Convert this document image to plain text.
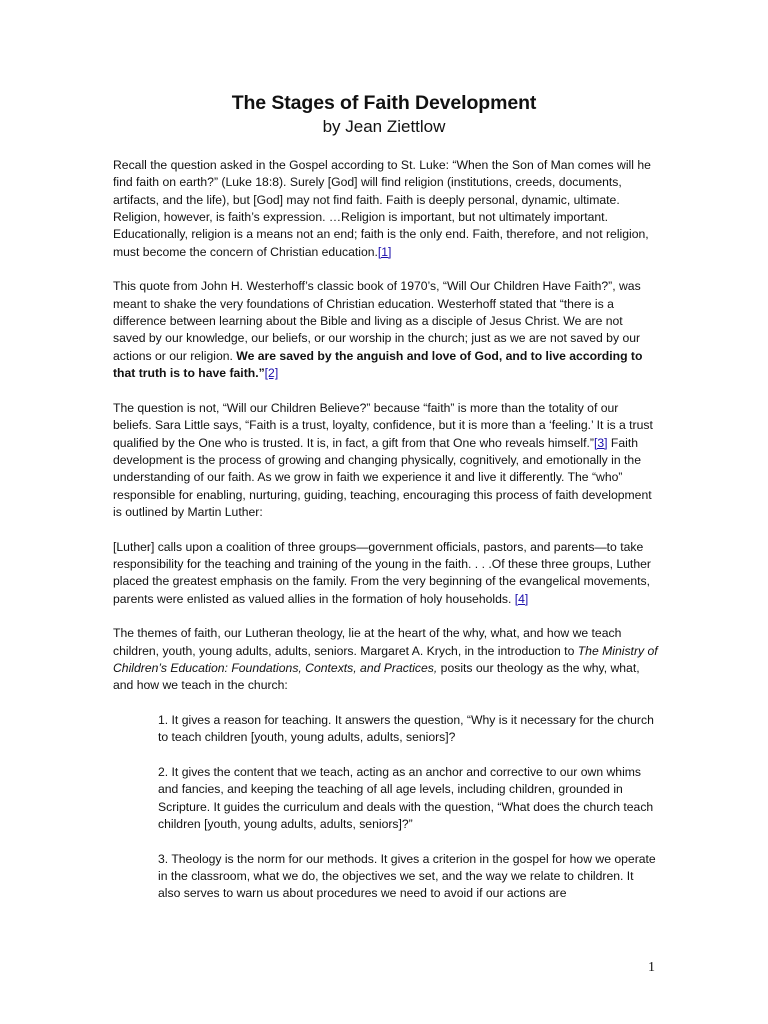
The Stages of Faith Development
by Jean Ziettlow

Recall the question asked in the Gospel according to St. Luke: “When the Son of Man comes will he find faith on earth?” (Luke 18:8). Surely [God] will find religion (institutions, creeds, documents, artifacts, and the life), but [God] may not find faith. Faith is deeply personal, dynamic, ultimate. Religion, however, is faith’s expression. …Religion is important, but not ultimately important. Educationally, religion is a means not an end; faith is the only end. Faith, therefore, and not religion, must become the concern of Christian education.[1]

This quote from John H. Westerhoff’s classic book of 1970’s, “Will Our Children Have Faith?”, was meant to shake the very foundations of Christian education. Westerhoff stated that “there is a difference between learning about the Bible and living as a disciple of Jesus Christ. We are not saved by our knowledge, our beliefs, or our worship in the church; just as we are not saved by our actions or our religion. We are saved by the anguish and love of God, and to live according to that truth is to have faith.”[2]

The question is not, “Will our Children Believe?” because “faith” is more than the totality of our beliefs. Sara Little says, “Faith is a trust, loyalty, confidence, but it is more than a ‘feeling.’ It is a trust qualified by the One who is trusted. It is, in fact, a gift from that One who reveals himself.”[3] Faith development is the process of growing and changing physically, cognitively, and emotionally in the understanding of our faith. As we grow in faith we experience it and live it differently. The “who” responsible for enabling, nurturing, guiding, teaching, encouraging this process of faith development is outlined by Martin Luther:

[Luther] calls upon a coalition of three groups—government officials, pastors, and parents—to take responsibility for the teaching and training of the young in the faith. . . .Of these three groups, Luther placed the greatest emphasis on the family. From the very beginning of the evangelical movements, parents were enlisted as valued allies in the formation of holy households. [4]

The themes of faith, our Lutheran theology, lie at the heart of the why, what, and how we teach children, youth, young adults, adults, seniors. Margaret A. Krych, in the introduction to The Ministry of Children’s Education: Foundations, Contexts, and Practices, posits our theology as the why, what, and how we teach in the church:

1. It gives a reason for teaching. It answers the question, “Why is it necessary for the church to teach children [youth, young adults, adults, seniors]?

2. It gives the content that we teach, acting as an anchor and corrective to our own whims and fancies, and keeping the teaching of all age levels, including children, grounded in Scripture. It guides the curriculum and deals with the question, “What does the church teach children [youth, young adults, adults, seniors]?”

3. Theology is the norm for our methods. It gives a criterion in the gospel for how we operate in the classroom, what we do, the objectives we set, and the way we relate to children. It also serves to warn us about procedures we need to avoid if our actions are

1
